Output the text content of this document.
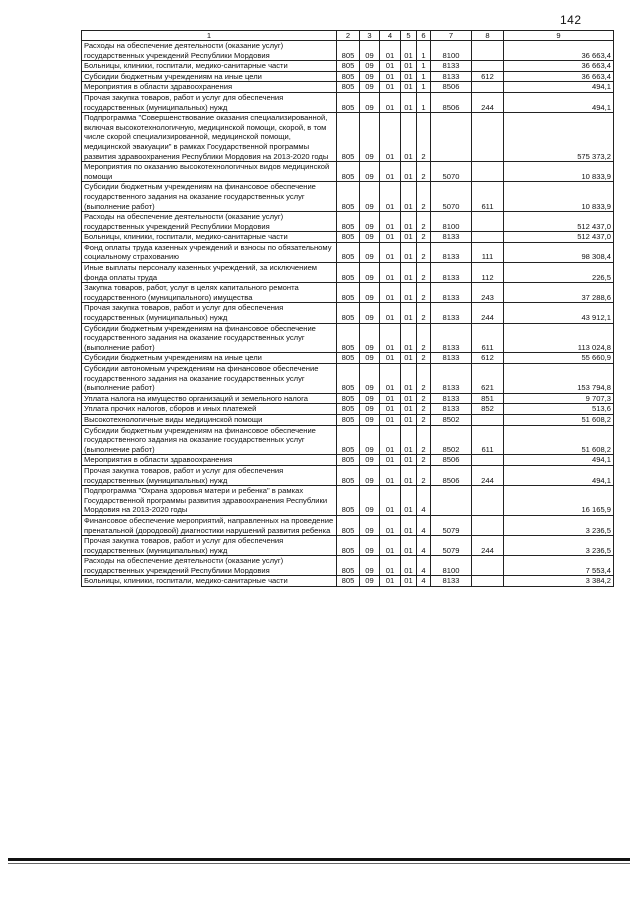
142
1	2	3	4	5	6	7	8	9
Расходы на обеспечение деятельности (оказание услуг) государственных учреждений Республики Мордовия	805	09	01	01	1	8100		36 663,4
Больницы, клиники, госпитали, медико-санитарные части	805	09	01	01	1	8133		36 663,4
Субсидии бюджетным учреждениям на иные цели	805	09	01	01	1	8133	612	36 663,4
Мероприятия в области здравоохранения	805	09	01	01	1	8506		494,1
Прочая закупка товаров, работ и услуг для обеспечения государственных (муниципальных) нужд	805	09	01	01	1	8506	244	494,1
Подпрограмма "Совершенствование оказания специализированной, включая высокотехнологичную, медицинской помощи, скорой, в том числе скорой специализированной, медицинской помощи, медицинской эвакуации" в рамках Государственной программы развития здравоохранения Республики Мордовия на 2013-2020 годы	805	09	01	01	2			575 373,2
Мероприятия по оказанию высокотехнологичных видов медицинской помощи	805	09	01	01	2	5070		10 833,9
Субсидии бюджетным учреждениям на финансовое обеспечение государственного задания на оказание государственных услуг (выполнение работ)	805	09	01	01	2	5070	611	10 833,9
Расходы на обеспечение деятельности (оказание услуг) государственных учреждений Республики Мордовия	805	09	01	01	2	8100		512 437,0
Больницы, клиники, госпитали, медико-санитарные части	805	09	01	01	2	8133		512 437,0
Фонд оплаты труда казенных учреждений и взносы по обязательному социальному страхованию	805	09	01	01	2	8133	111	98 308,4
Иные выплаты персоналу казенных учреждений, за исключением фонда оплаты труда	805	09	01	01	2	8133	112	226,5
Закупка товаров, работ, услуг в целях капитального ремонта государственного (муниципального) имущества	805	09	01	01	2	8133	243	37 288,6
Прочая закупка товаров, работ и услуг для обеспечения государственных (муниципальных) нужд	805	09	01	01	2	8133	244	43 912,1
Субсидии бюджетным учреждениям на финансовое обеспечение государственного задания на оказание государственных услуг (выполнение работ)	805	09	01	01	2	8133	611	113 024,8
Субсидии бюджетным учреждениям на иные цели	805	09	01	01	2	8133	612	55 660,9
Субсидии автономным учреждениям на финансовое обеспечение государственного задания на оказание государственных услуг (выполнение работ)	805	09	01	01	2	8133	621	153 794,8
Уплата налога на имущество организаций и земельного налога	805	09	01	01	2	8133	851	9 707,3
Уплата прочих налогов, сборов и иных платежей	805	09	01	01	2	8133	852	513,6
Высокотехнологичные виды медицинской помощи	805	09	01	01	2	8502		51 608,2
Субсидии бюджетным учреждениям на финансовое обеспечение государственного задания на оказание государственных услуг (выполнение работ)	805	09	01	01	2	8502	611	51 608,2
Мероприятия в области здравоохранения	805	09	01	01	2	8506		494,1
Прочая закупка товаров, работ и услуг для обеспечения государственных (муниципальных) нужд	805	09	01	01	2	8506	244	494,1
Подпрограмма "Охрана здоровья матери и ребенка" в рамках Государственной программы развития здравоохранения Республики Мордовия на 2013-2020 годы	805	09	01	01	4			16 165,9
Финансовое обеспечение мероприятий, направленных на проведение пренатальной (дородовой) диагностики нарушений развития ребенка	805	09	01	01	4	5079		3 236,5
Прочая закупка товаров, работ и услуг для обеспечения государственных (муниципальных) нужд	805	09	01	01	4	5079	244	3 236,5
Расходы на обеспечение деятельности (оказание услуг) государственных учреждений Республики Мордовия	805	09	01	01	4	8100		7 553,4
Больницы, клиники, госпитали, медико-санитарные части	805	09	01	01	4	8133		3 384,2
